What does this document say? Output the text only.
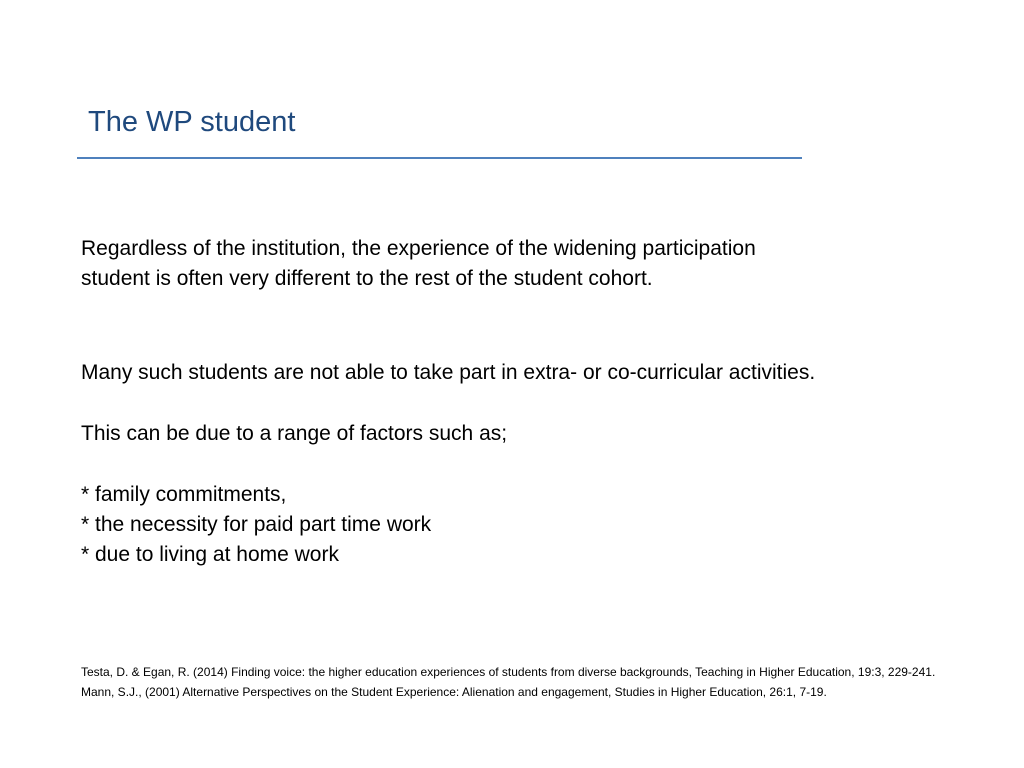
The WP student
Regardless of the institution, the experience of the widening participation
student is often very different to the rest of the student cohort.
Many such students are not able to take part in extra- or co-curricular activities.
This can be due to a range of factors such as;
* family commitments,
* the necessity for paid part time work
* due to living at home work
Testa, D. & Egan, R. (2014) Finding voice: the higher education experiences of students from diverse backgrounds, Teaching in Higher Education, 19:3, 229-241.
Mann, S.J., (2001) Alternative Perspectives on the Student Experience: Alienation and engagement, Studies in Higher Education, 26:1, 7-19.
